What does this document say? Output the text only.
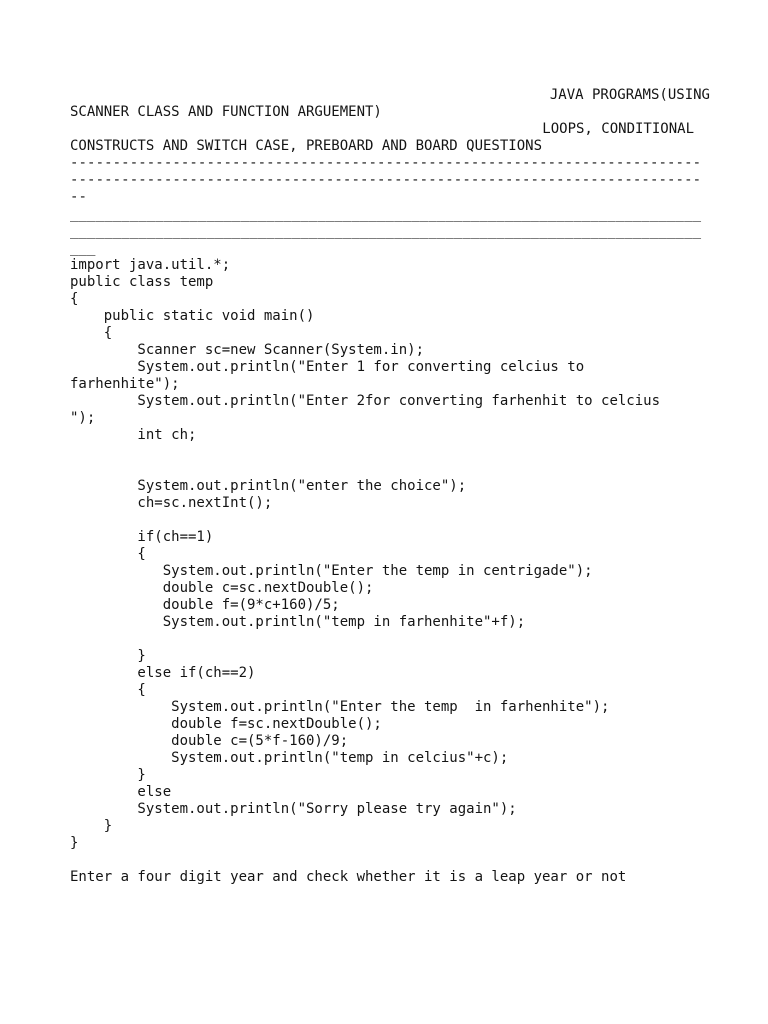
JAVA PROGRAMS(USING
SCANNER CLASS AND FUNCTION ARGUEMENT)
LOOPS, CONDITIONAL
CONSTRUCTS AND SWITCH CASE, PREBOARD AND BOARD QUESTIONS
--------------------------------------------------------------------------
--------------------------------------------------------------------------
--
__________________________________________________________________________
__________________________________________________________________________
___
import java.util.*;
public class temp
{
public static void main()
{
Scanner sc=new Scanner(System.in);
System.out.println("Enter 1 for converting celcius to
farhenhite");
System.out.println("Enter 2for converting farhenhit to celcius
");
int ch;
System.out.println("enter the choice");
ch=sc.nextInt();
if(ch==1)
{
System.out.println("Enter the temp in centrigade");
double c=sc.nextDouble();
double f=(9*c+160)/5;
System.out.println("temp in farhenhite"+f);
}
else if(ch==2)
{
System.out.println("Enter the temp  in farhenhite");
double f=sc.nextDouble();
double c=(5*f-160)/9;
System.out.println("temp in celcius"+c);
}
else
System.out.println("Sorry please try again");
}
}
Enter a four digit year and check whether it is a leap year or not
